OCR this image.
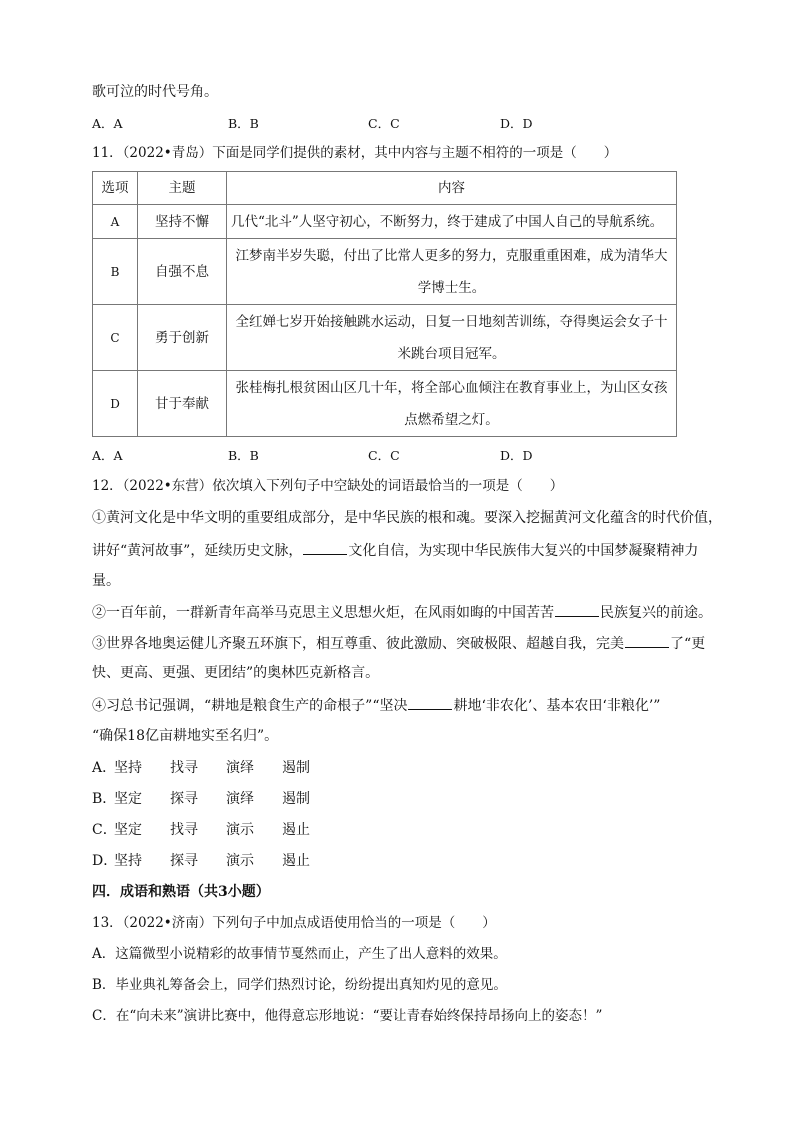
歌可泣的时代号角。
A．A	B．B	C．C	D．D
11．（2022•青岛）下面是同学们提供的素材，其中内容与主题不相符的一项是（　　）
选项	主题	内容
A	坚持不懈	几代“北斗”人坚守初心，不断努力，终于建成了中国人自己的导航系统。
B	自强不息	江梦南半岁失聪，付出了比常人更多的努力，克服重重困难，成为清华大
学博士生。

C	勇于创新	全红婵七岁开始接触跳水运动，日复一日地刻苦训练，夺得奥运会女子十
米跳台项目冠军。

D	甘于奉献	张桂梅扎根贫困山区几十年，将全部心血倾注在教育事业上，为山区女孩
点燃希望之灯。
A．A	B．B	C．C	D．D
12．（2022•东营）依次填入下列句子中空缺处的词语最恰当的一项是（　　）
①黄河文化是中华文明的重要组成部分，是中华民族的根和魂。要深入挖掘黄河文化蕴含的时代价值，
讲好“黄河故事”，延续历史文脉，	文化自信，为实现中华民族伟大复兴的中国梦凝聚精神力
量。
②一百年前，一群新青年高举马克思主义思想火炬，在风雨如晦的中国苦苦	民族复兴的前途。
③世界各地奥运健儿齐聚五环旗下，相互尊重、彼此激励、突破极限、超越自我，完美	了“更
快、更高、更强、更团结”的奥林匹克新格言。
④习总书记强调，“耕地是粮食生产的命根子”“坚决	耕地‘非农化’、基本农田‘非粮化’”
“确保18亿亩耕地实至名归”。
A．坚持 找寻 演绎 遏制
B．坚定 探寻 演绎 遏制
C．坚定 找寻 演示 遏止
D．坚持 探寻 演示 遏止
四．成语和熟语（共3小题）
13．（2022•济南）下列句子中加点成语使用恰当的一项是（　　）
A．这篇微型小说精彩的故事情节戛然而止，产生了出人意料的效果。
B．毕业典礼筹备会上，同学们热烈讨论，纷纷提出真知灼见的意见。
C．在“向未来”演讲比赛中，他得意忘形地说：“要让青春始终保持昂扬向上的姿态！”
